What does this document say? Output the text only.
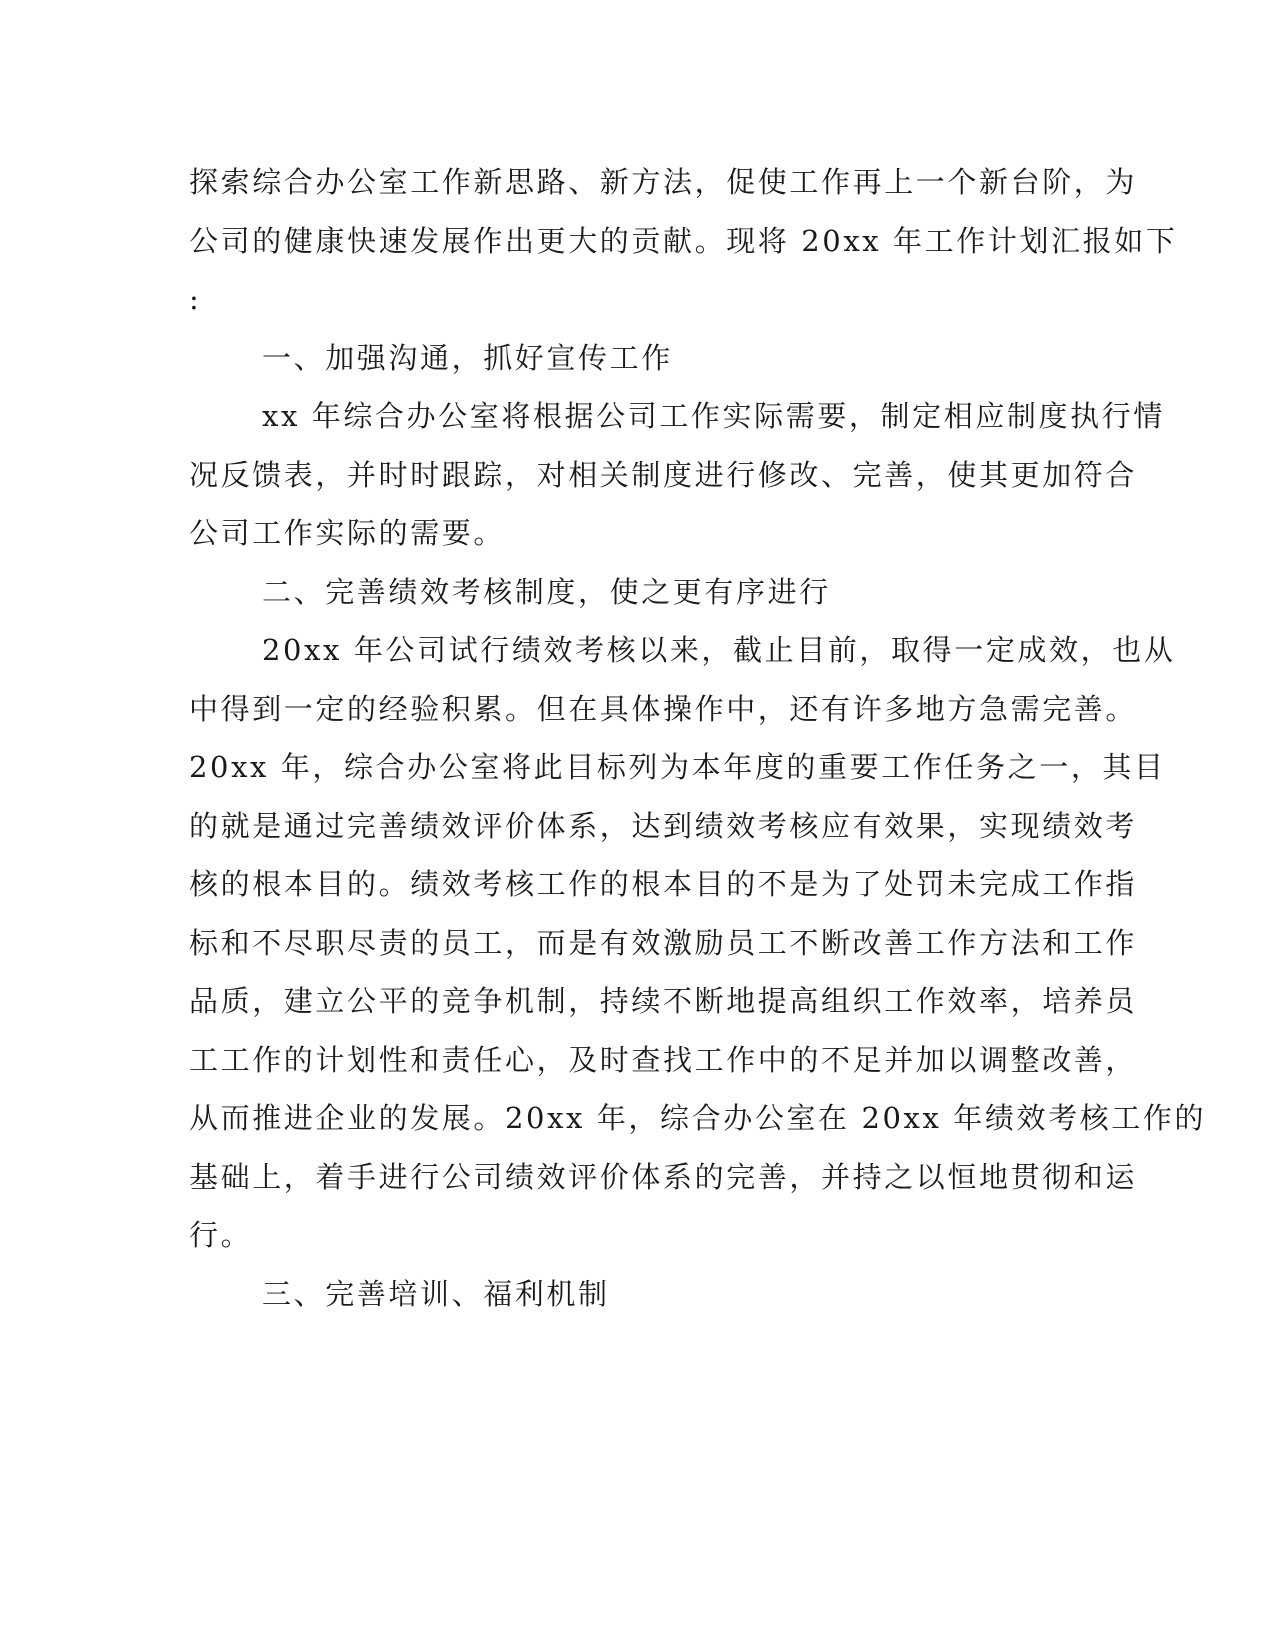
探索综合办公室工作新思路、新方法，促使工作再上一个新台阶，为
公司的健康快速发展作出更大的贡献。现将 20xx 年工作计划汇报如下
:
一、加强沟通，抓好宣传工作
xx 年综合办公室将根据公司工作实际需要，制定相应制度执行情
况反馈表，并时时跟踪，对相关制度进行修改、完善，使其更加符合
公司工作实际的需要。
二、完善绩效考核制度，使之更有序进行
20xx 年公司试行绩效考核以来，截止目前，取得一定成效，也从
中得到一定的经验积累。但在具体操作中，还有许多地方急需完善。
20xx 年，综合办公室将此目标列为本年度的重要工作任务之一，其目
的就是通过完善绩效评价体系，达到绩效考核应有效果，实现绩效考
核的根本目的。绩效考核工作的根本目的不是为了处罚未完成工作指
标和不尽职尽责的员工，而是有效激励员工不断改善工作方法和工作
品质，建立公平的竞争机制，持续不断地提高组织工作效率，培养员
工工作的计划性和责任心，及时查找工作中的不足并加以调整改善，
从而推进企业的发展。20xx 年，综合办公室在 20xx 年绩效考核工作的
基础上，着手进行公司绩效评价体系的完善，并持之以恒地贯彻和运
行。
三、完善培训、福利机制
